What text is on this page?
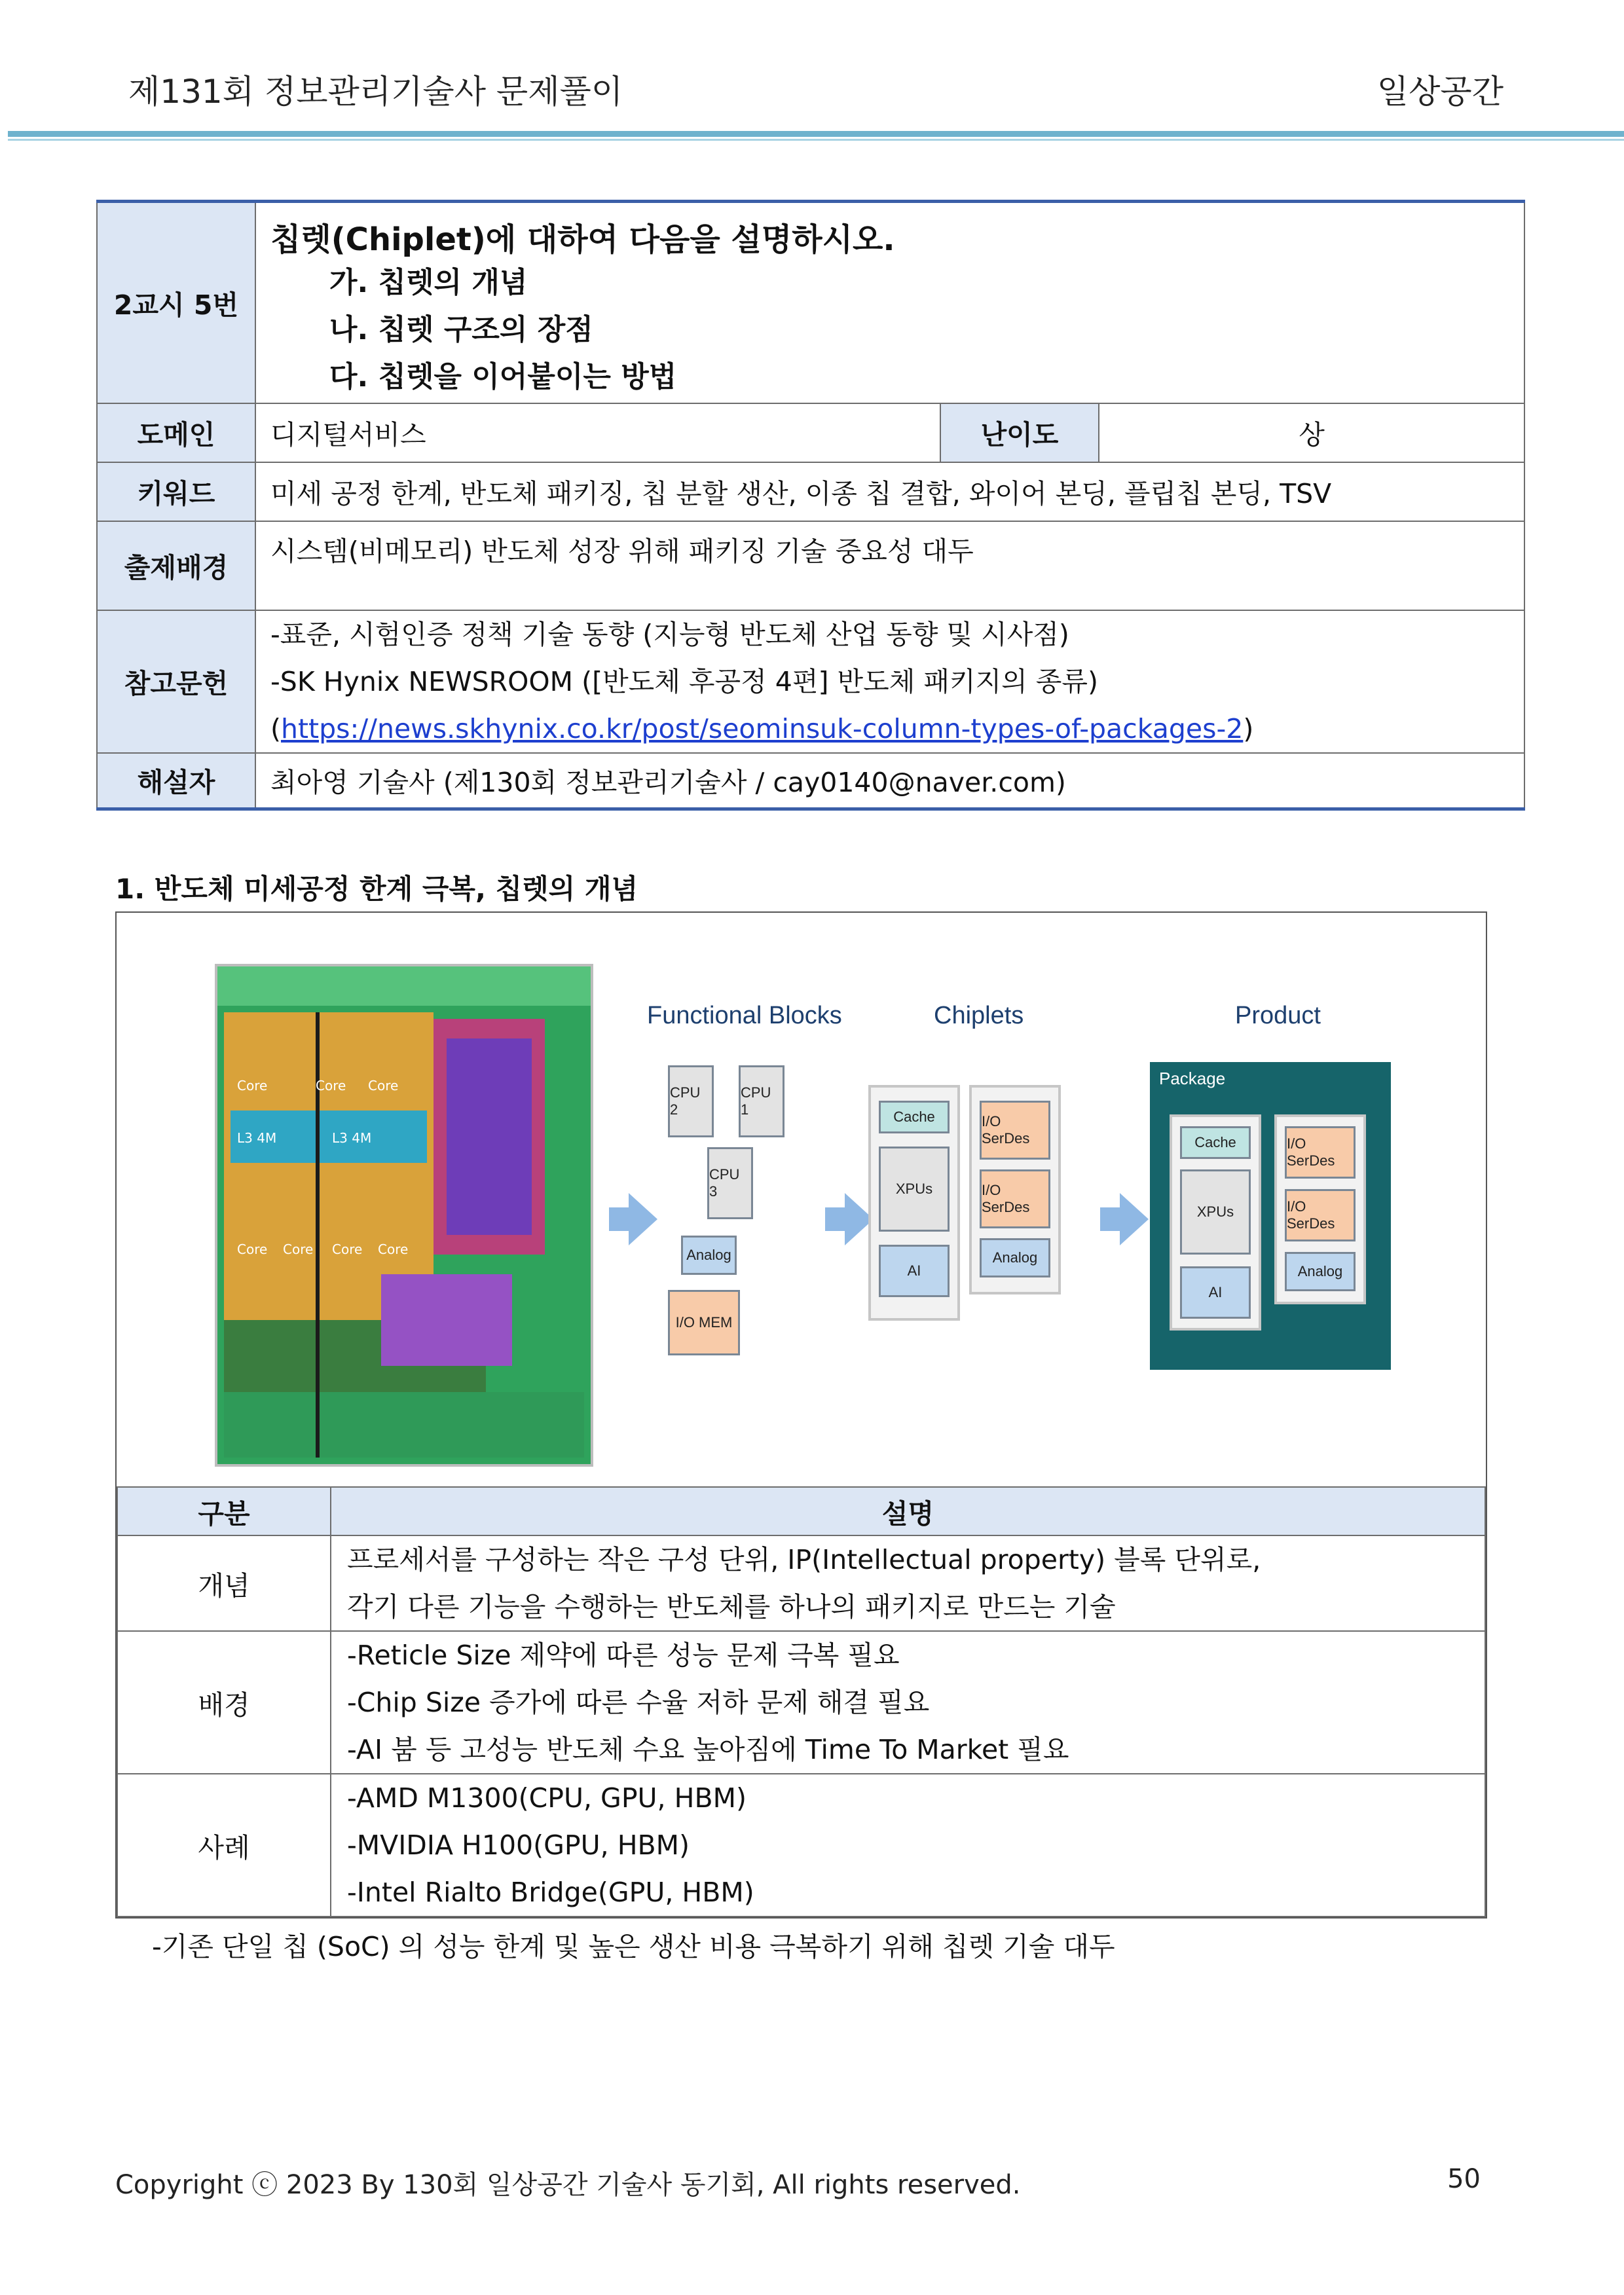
제131회 정보관리기술사 문제풀이	일상공간
2교시 5번	칩렛(Chiplet)에 대하여 다음을 설명하시오.
가. 칩렛의 개념
나. 칩렛 구조의 장점
다. 칩렛을 이어붙이는 방법		

도메인	디지털서비스	난이도	상
키워드	미세 공정 한계, 반도체 패키징, 칩 분할 생산, 이종 칩 결합, 와이어 본딩, 플립칩 본딩, TSV		
출제배경	시스템(비메모리) 반도체 성장 위해 패키징 기술 중요성 대두		
참고문헌	-표준, 시험인증 정책 기술 동향 (지능형 반도체 산업 동향 및 시사점)
-SK Hynix NEWSROOM ([반도체 후공정 4편] 반도체 패키지의 종류)
(https://news.skhynix.co.kr/post/seominsuk-column-types-of-packages-2)		

해설자	최아영 기술사 (제130회 정보관리기술사 / cay0140@naver.com)		
1. 반도체 미세공정 한계 극복, 칩렛의 개념
Core	Core Core
L3 4M	L3 4M
Core Core Core Core
Functional Blocks	Chiplets	Product
CPU 2
CPU 1
CPU 3
Analog
I/O MEM
Cache
XPUs
AI
I/O SerDes
I/O SerDes
Analog
Package
Cache
XPUs
AI
I/O SerDes
I/O SerDes
Analog
구분	설명
개념	프로세서를 구성하는 작은 구성 단위, IP(Intellectual property) 블록 단위로,
각기 다른 기능을 수행하는 반도체를 하나의 패키지로 만드는 기술

배경	-Reticle Size 제약에 따른 성능 문제 극복 필요
-Chip Size 증가에 따른 수율 저하 문제 해결 필요
-AI 붐 등 고성능 반도체 수요 높아짐에 Time To Market 필요

사례	-AMD M1300(CPU, GPU, HBM)
-MVIDIA H100(GPU, HBM)
-Intel Rialto Bridge(GPU, HBM)
-기존 단일 칩 (SoC) 의 성능 한계 및 높은 생산 비용 극복하기 위해 칩렛 기술 대두
Copyright ⓒ 2023 By 130회 일상공간 기술사 동기회, All rights reserved.	50
